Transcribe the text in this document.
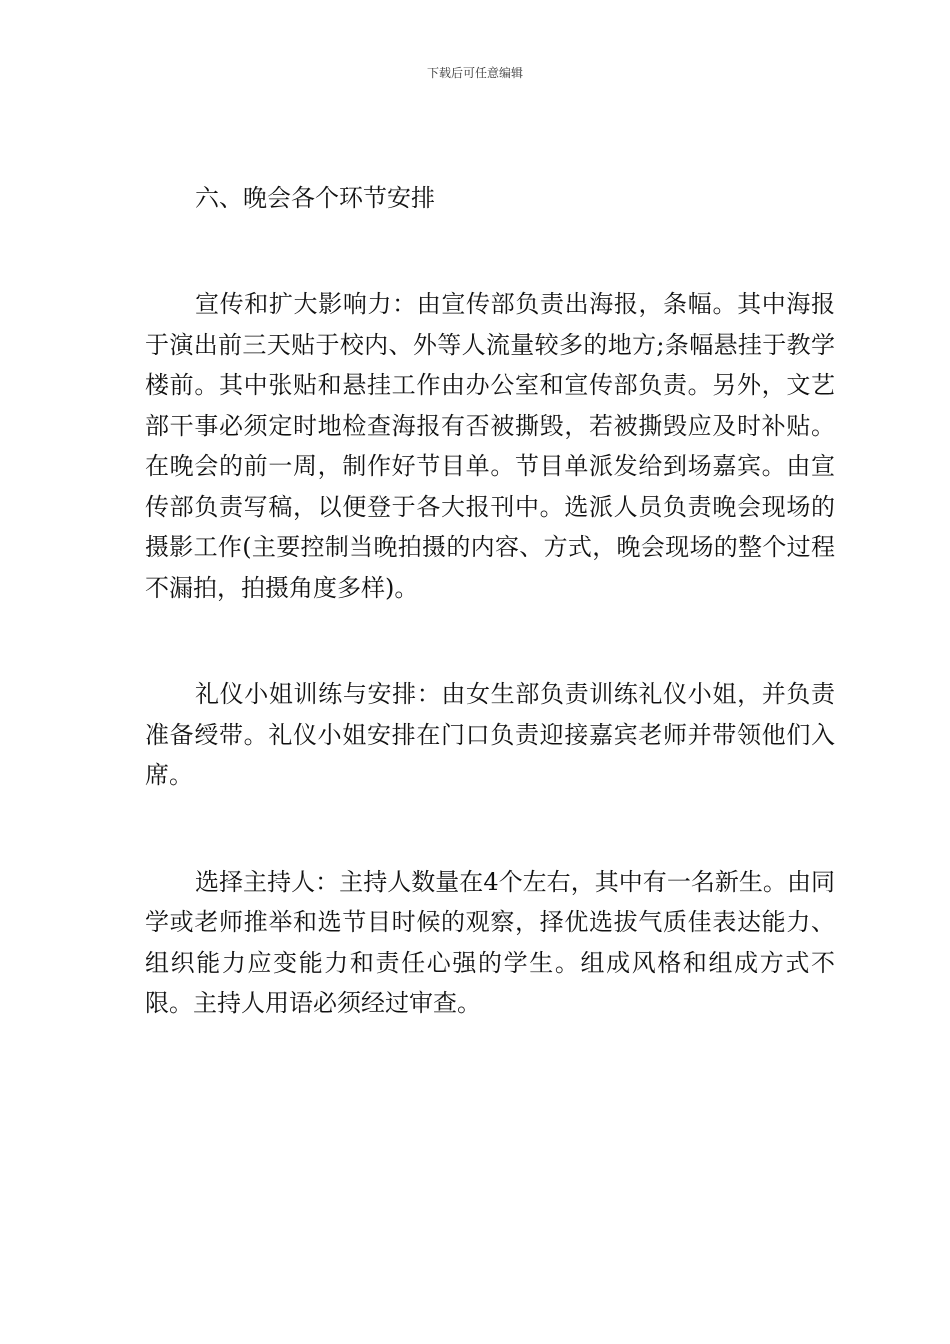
下载后可任意编辑
六、晚会各个环节安排

宣传和扩大影响力：由宣传部负责出海报，条幅。其中海报于演出前三天贴于校内、外等人流量较多的地方;条幅悬挂于教学楼前。其中张贴和悬挂工作由办公室和宣传部负责。另外，文艺部干事必须定时地检查海报有否被撕毁，若被撕毁应及时补贴。在晚会的前一周，制作好节目单。节目单派发给到场嘉宾。由宣传部负责写稿，以便登于各大报刊中。选派人员负责晚会现场的摄影工作(主要控制当晚拍摄的内容、方式，晚会现场的整个过程不漏拍，拍摄角度多样)。

礼仪小姐训练与安排：由女生部负责训练礼仪小姐，并负责准备绶带。礼仪小姐安排在门口负责迎接嘉宾老师并带领他们入席。

选择主持人：主持人数量在4个左右，其中有一名新生。由同学或老师推举和选节目时候的观察，择优选拔气质佳表达能力、组织能力应变能力和责任心强的学生。组成风格和组成方式不限。主持人用语必须经过审查。
